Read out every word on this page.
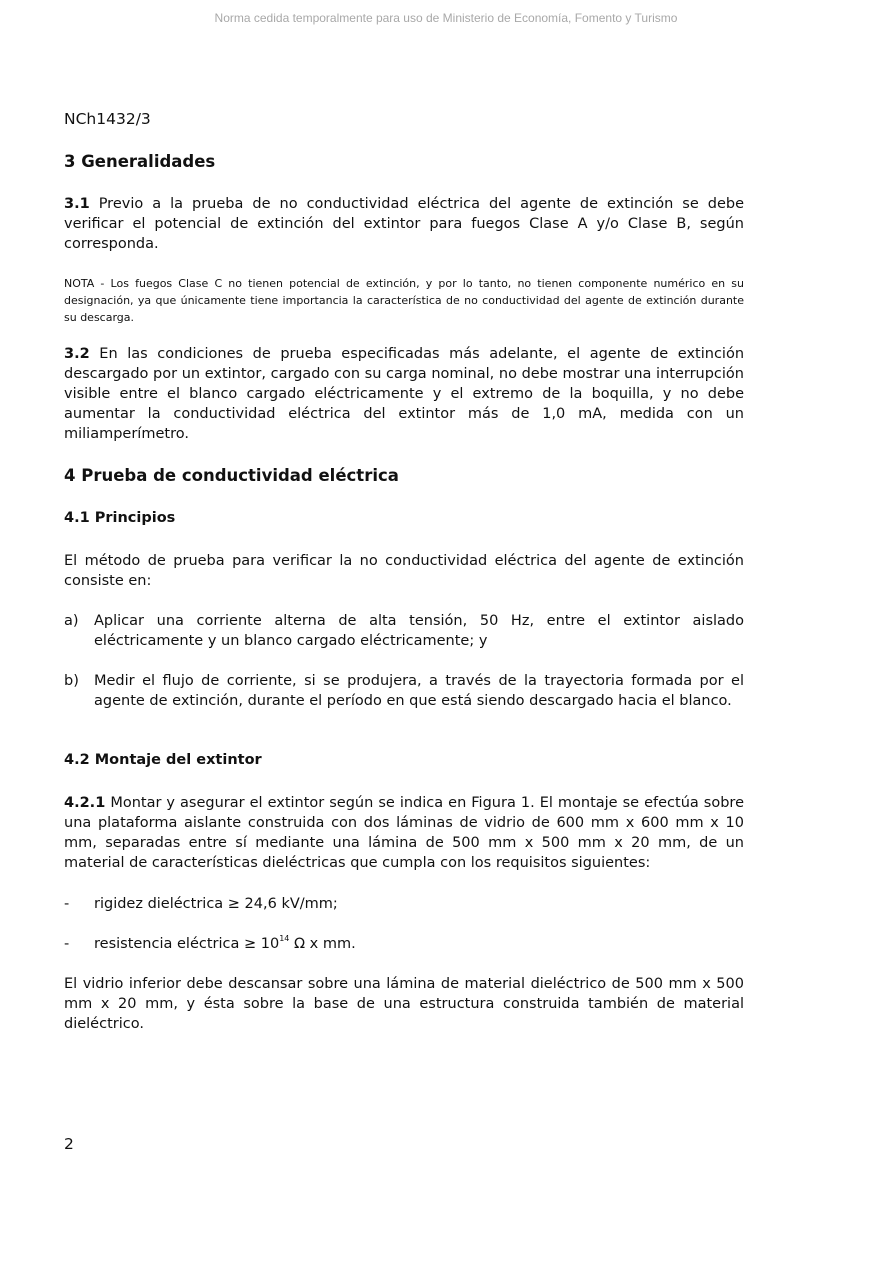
Norma cedida temporalmente para uso de Ministerio de Economía, Fomento y Turismo
NCh1432/3
3 Generalidades
3.1 Previo a la prueba de no conductividad eléctrica del agente de extinción se debe verificar el potencial de extinción del extintor para fuegos Clase A y/o Clase B, según corresponda.
NOTA - Los fuegos Clase C no tienen potencial de extinción, y por lo tanto, no tienen componente numérico en su designación, ya que únicamente tiene importancia la característica de no conductividad del agente de extinción durante su descarga.
3.2 En las condiciones de prueba especificadas más adelante, el agente de extinción descargado por un extintor, cargado con su carga nominal, no debe mostrar una interrupción visible entre el blanco cargado eléctricamente y el extremo de la boquilla, y no debe aumentar la conductividad eléctrica del extintor más de 1,0 mA, medida con un miliamperímetro.
4 Prueba de conductividad eléctrica
4.1 Principios
El método de prueba para verificar la no conductividad eléctrica del agente de extinción consiste en:
a) Aplicar una corriente alterna de alta tensión, 50 Hz, entre el extintor aislado eléctricamente y un blanco cargado eléctricamente; y
b) Medir el flujo de corriente, si se produjera, a través de la trayectoria formada por el agente de extinción, durante el período en que está siendo descargado hacia el blanco.
4.2 Montaje del extintor
4.2.1 Montar y asegurar el extintor según se indica en Figura 1. El montaje se efectúa sobre una plataforma aislante construida con dos láminas de vidrio de 600 mm x 600 mm x 10 mm, separadas entre sí mediante una lámina de 500 mm x 500 mm x 20 mm, de un material de características dieléctricas que cumpla con los requisitos siguientes:
- rigidez dieléctrica ≥ 24,6 kV/mm;
- resistencia eléctrica ≥ $10^{14}$ Ω x mm.
El vidrio inferior debe descansar sobre una lámina de material dieléctrico de 500 mm x 500 mm x 20 mm, y ésta sobre la base de una estructura construida también de material dieléctrico.
2
